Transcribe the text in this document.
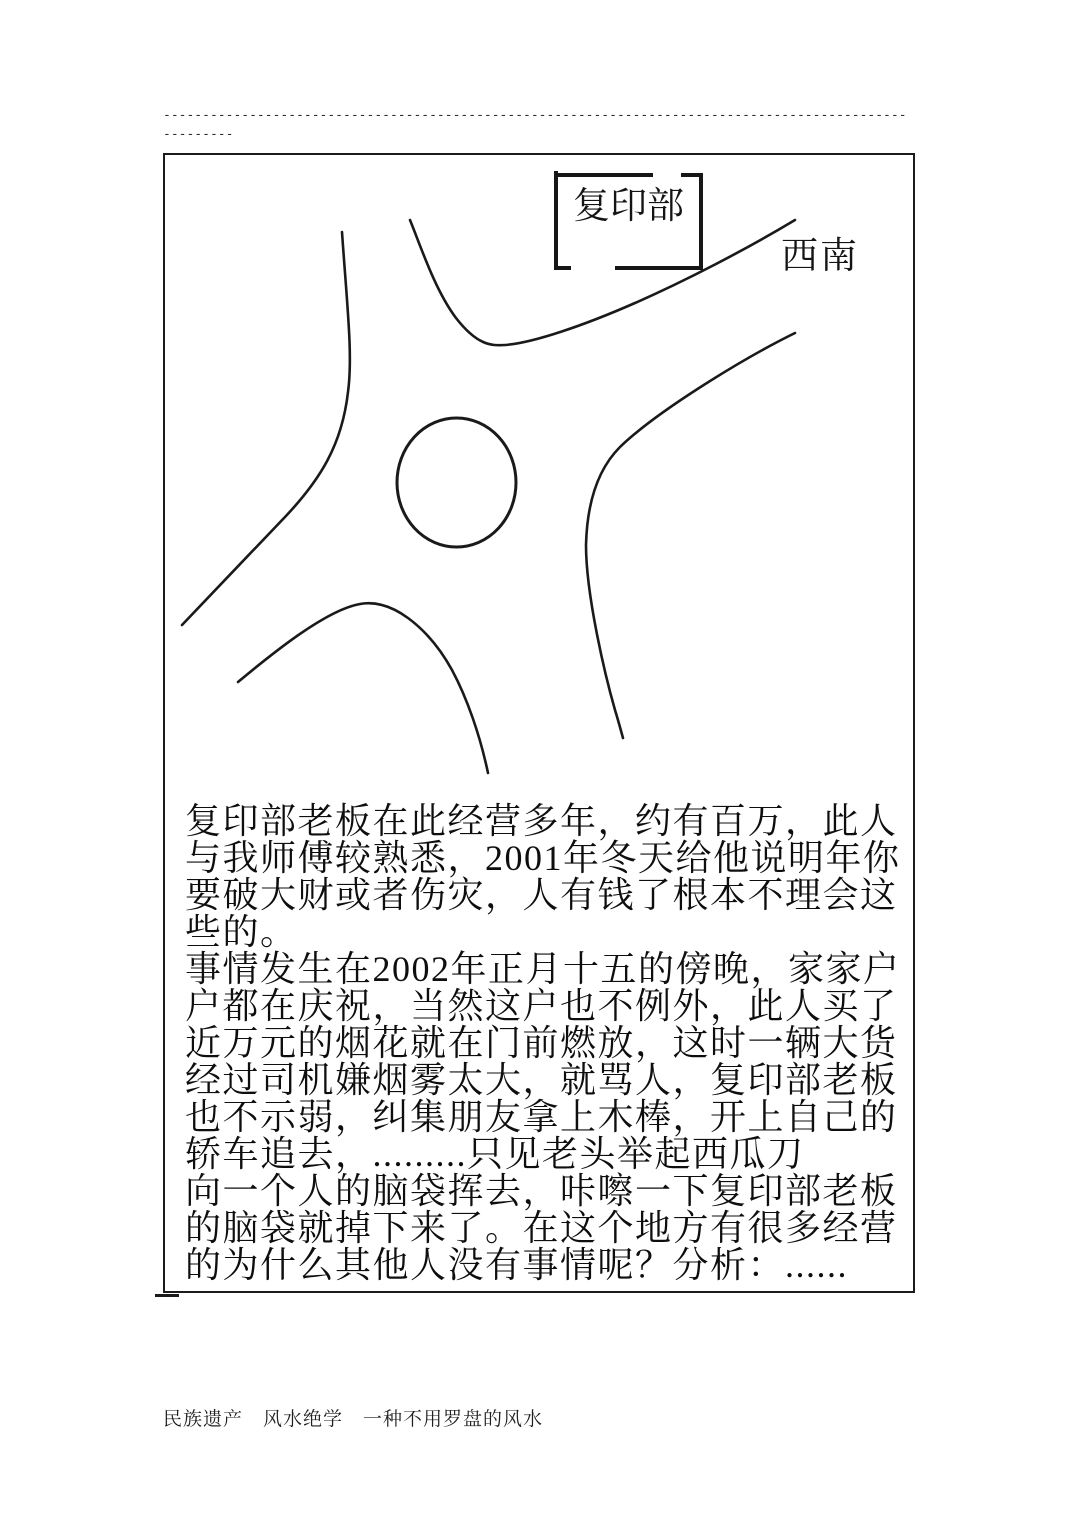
-----------------------------------------------------------------------------------------------
---------
复印部
西南
复印部老板在此经营多年，约有百万，此人
与我师傅较熟悉，2001年冬天给他说明年你
要破大财或者伤灾，人有钱了根本不理会这
些的。
事情发生在2002年正月十五的傍晚，家家户
户都在庆祝，当然这户也不例外，此人买了
近万元的烟花就在门前燃放，这时一辆大货
经过司机嫌烟雾太大，就骂人，复印部老板
也不示弱，纠集朋友拿上木棒，开上自己的
轿车追去，.........只见老头举起西瓜刀
向一个人的脑袋挥去，咔嚓一下复印部老板
的脑袋就掉下来了。在这个地方有很多经营
的为什么其他人没有事情呢？分析：......
民族遗产　风水绝学　一种不用罗盘的风水
